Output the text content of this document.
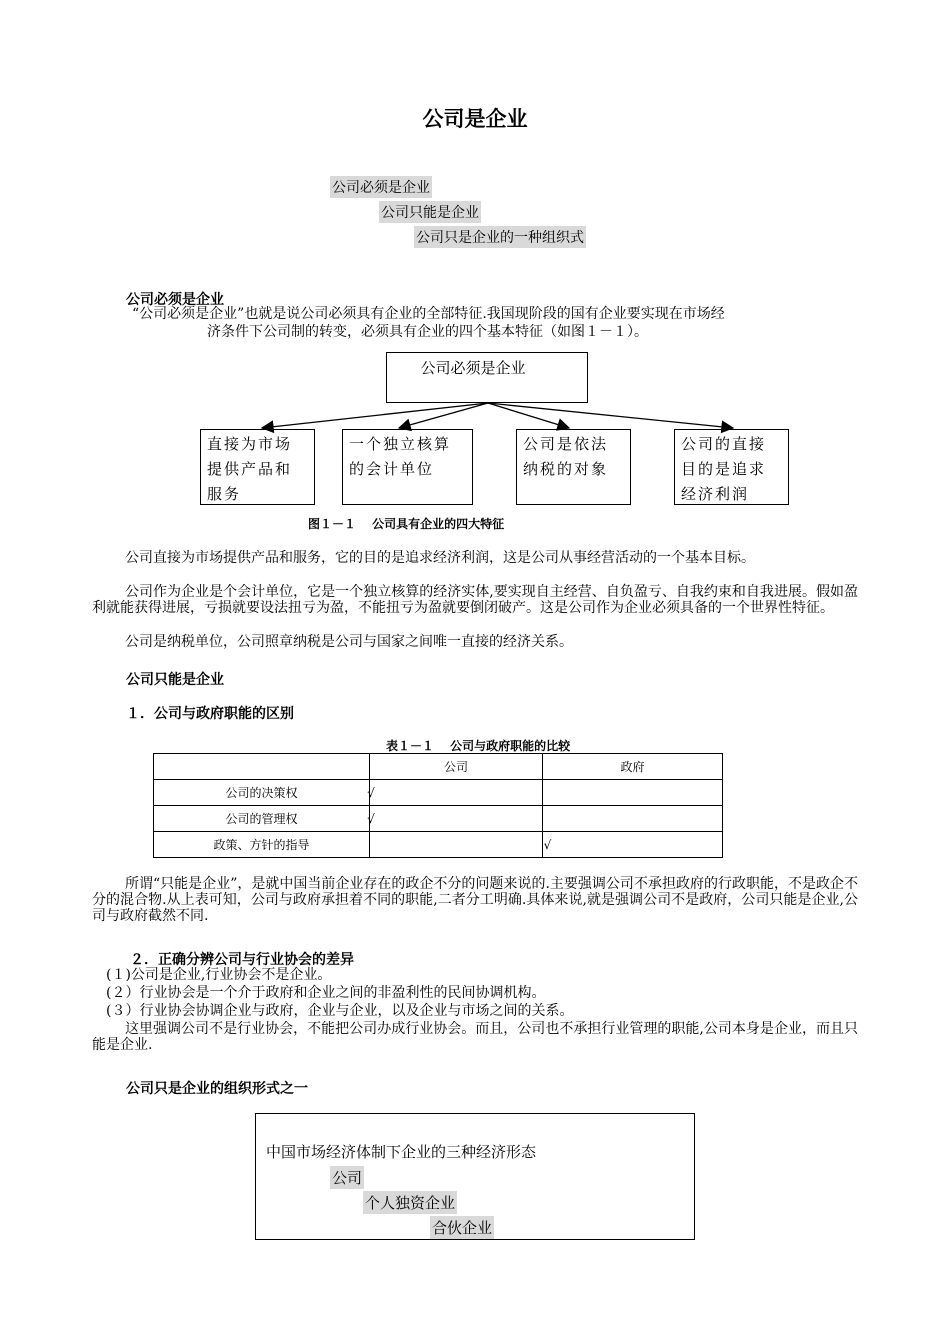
公司是企业
公司必须是企业
公司只能是企业
公司只是企业的一种组织式
公司必须是企业
“公司必须是企业”也就是说公司必须具有企业的全部特征.我国现阶段的国有企业要实现在市场经
济条件下公司制的转变，必须具有企业的四个基本特征（如图１－１）。
公司必须是企业
直接为市场提供产品和服务
一个独立核算的会计单位
公司是依法纳税的对象
公司的直接目的是追求经济利润
图１－１　 公司具有企业的四大特征
公司直接为市场提供产品和服务，它的目的是追求经济利润，这是公司从事经营活动的一个基本目标。
公司作为企业是个会计单位，它是一个独立核算的经济实体,要实现自主经营、自负盈亏、自我约束和自我进展。假如盈利就能获得进展，亏损就要设法扭亏为盈，不能扭亏为盈就要倒闭破产。这是公司作为企业必须具备的一个世界性特征。
公司是纳税单位，公司照章纳税是公司与国家之间唯一直接的经济关系。
公司只能是企业
１．公司与政府职能的区别
表１－１　 公司与政府职能的比较
	公司	政府
公司的决策权	√	
公司的管理权	√	
政策、方针的指导		√
所谓“只能是企业”，是就中国当前企业存在的政企不分的问题来说的.主要强调公司不承担政府的行政职能，不是政企不分的混合物.从上表可知，公司与政府承担着不同的职能,二者分工明确.具体来说,就是强调公司不是政府，公司只能是企业,公司与政府截然不同.
２．正确分辨公司与行业协会的差异
(１)公司是企业,行业协会不是企业。
(２）行业协会是一个介于政府和企业之间的非盈利性的民间协调机构。
(３）行业协会协调企业与政府，企业与企业，以及企业与市场之间的关系。
这里强调公司不是行业协会，不能把公司办成行业协会。而且，公司也不承担行业管理的职能,公司本身是企业，而且只能是企业.
公司只是企业的组织形式之一
中国市场经济体制下企业的三种经济形态
公司
个人独资企业
合伙企业
